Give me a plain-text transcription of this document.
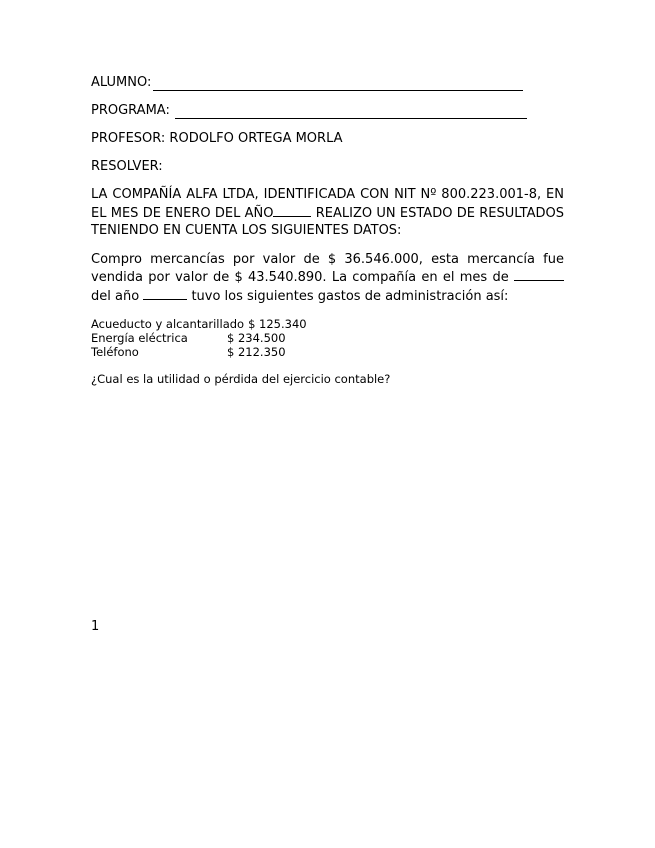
ALUMNO:
PROGRAMA:
PROFESOR: RODOLFO ORTEGA MORLA
RESOLVER:

LA COMPAÑÍA ALFA LTDA, IDENTIFICADA CON NIT Nº 800.223.001-8, EN EL MES DE ENERO DEL AÑO	REALIZO UN ESTADO DE RESULTADOS TENIENDO EN CUENTA LOS SIGUIENTES DATOS:

Compro mercancías por valor de $ 36.546.000, esta mercancía fue vendida por valor de $ 43.540.890. La compañía en el mes de  del año	tuvo los siguientes gastos de administración así:

Acueducto y alcantarillado $ 125.340
Energía eléctrica	$ 234.500
Teléfono	$ 212.350
¿Cual es la utilidad o pérdida del ejercicio contable?
1
